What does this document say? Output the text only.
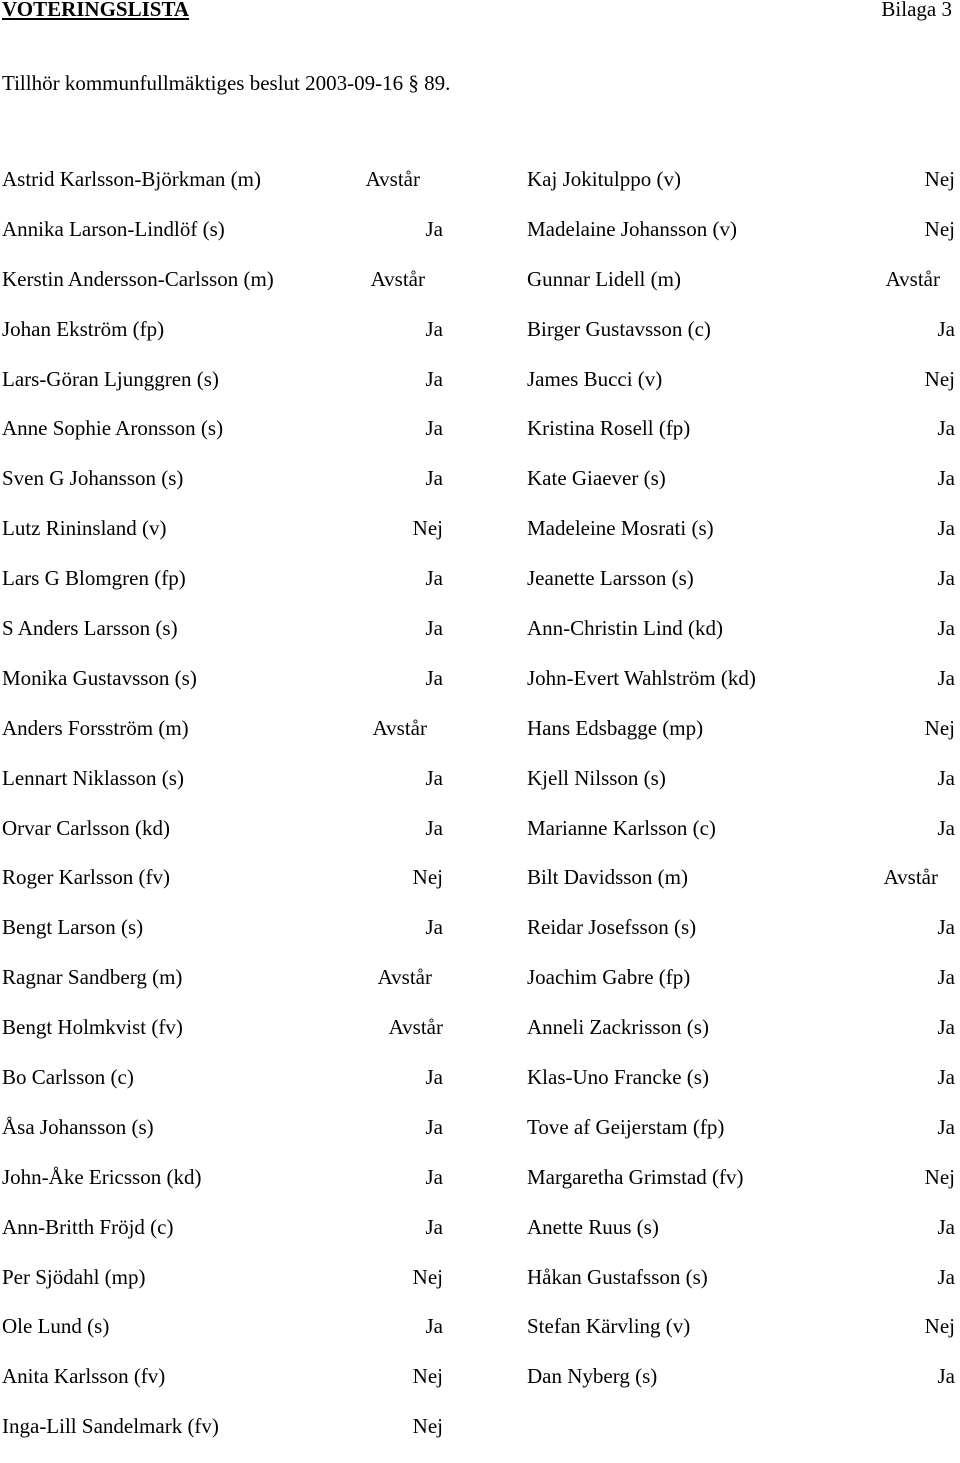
VOTERINGSLISTA	Bilaga 3
Tillhör kommunfullmäktiges beslut 2003-09-16 § 89.
Astrid Karlsson-Björkman (m)	Avstår	Kaj Jokitulppo (v)	Nej
Annika Larson-Lindlöf (s)	Ja	Madelaine Johansson (v)	Nej
Kerstin Andersson-Carlsson (m)	Avstår	Gunnar Lidell (m)	Avstår
Johan Ekström (fp)	Ja	Birger Gustavsson (c)	Ja
Lars-Göran Ljunggren (s)	Ja	James Bucci (v)	Nej
Anne Sophie Aronsson (s)	Ja	Kristina Rosell (fp)	Ja
Sven G Johansson (s)	Ja	Kate Giaever (s)	Ja
Lutz Rininsland (v)	Nej	Madeleine Mosrati (s)	Ja
Lars G Blomgren (fp)	Ja	Jeanette Larsson (s)	Ja
S Anders Larsson (s)	Ja	Ann-Christin Lind (kd)	Ja
Monika Gustavsson (s)	Ja	John-Evert Wahlström (kd)	Ja
Anders Forsström (m)	Avstår	Hans Edsbagge (mp)	Nej
Lennart Niklasson (s)	Ja	Kjell Nilsson (s)	Ja
Orvar Carlsson (kd)	Ja	Marianne Karlsson (c)	Ja
Roger Karlsson (fv)	Nej	Bilt Davidsson (m)	Avstår
Bengt Larson (s)	Ja	Reidar Josefsson (s)	Ja
Ragnar Sandberg (m)	Avstår	Joachim Gabre (fp)	Ja
Bengt Holmkvist (fv)	Avstår	Anneli Zackrisson (s)	Ja
Bo Carlsson (c)	Ja	Klas-Uno Francke (s)	Ja
Åsa Johansson (s)	Ja	Tove af Geijerstam (fp)	Ja
John-Åke Ericsson (kd)	Ja	Margaretha Grimstad (fv)	Nej
Ann-Britth Fröjd (c)	Ja	Anette Ruus (s)	Ja
Per Sjödahl (mp)	Nej	Håkan Gustafsson (s)	Ja
Ole Lund (s)	Ja	Stefan Kärvling (v)	Nej
Anita Karlsson (fv)	Nej	Dan Nyberg (s)	Ja
Inga-Lill Sandelmark (fv)	Nej
